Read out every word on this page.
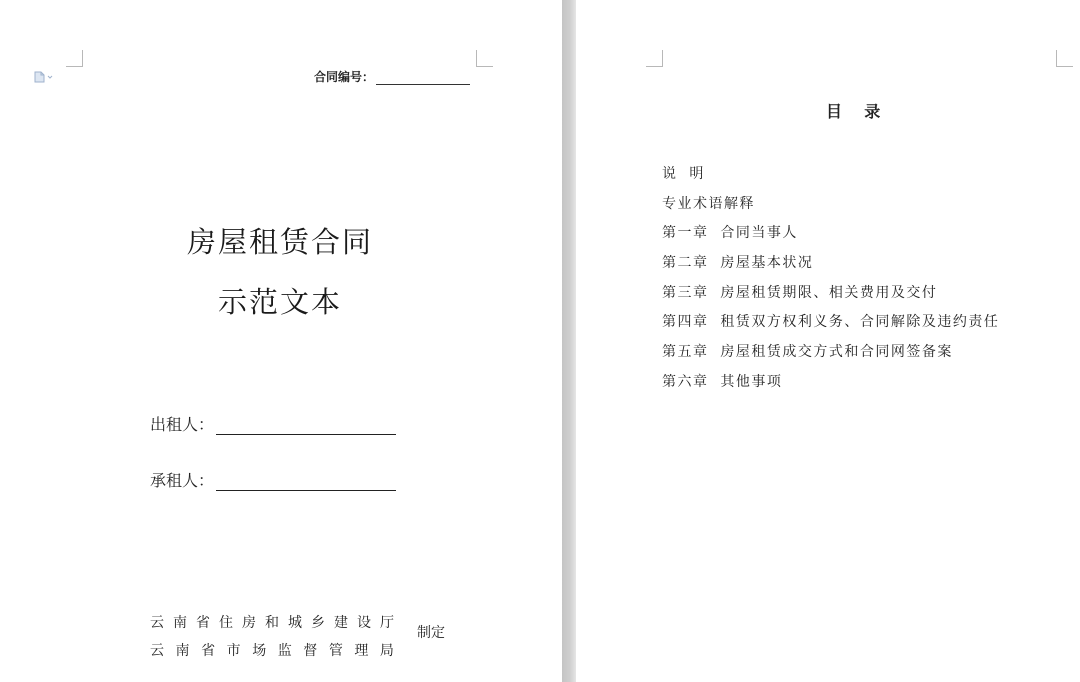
合同编号：
房屋租赁合同
示范文本
出租人：
承租人：
云 南 省 住 房 和 城 乡 建 设 厅
云 南 省 市 场 监 督 管 理 局
制定
目    录
说  明
专业术语解释
第一章  合同当事人
第二章  房屋基本状况
第三章  房屋租赁期限、相关费用及交付
第四章  租赁双方权利义务、合同解除及违约责任
第五章  房屋租赁成交方式和合同网签备案
第六章  其他事项
